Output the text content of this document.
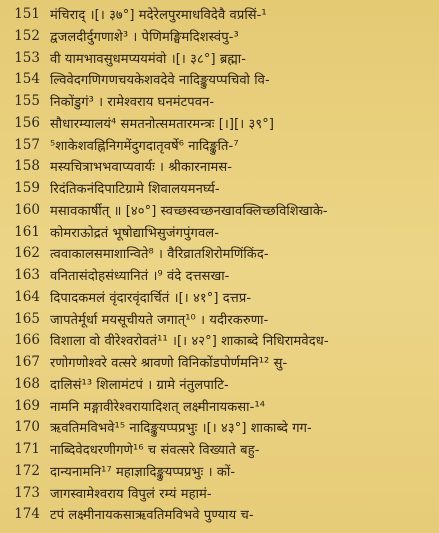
151 मंचिराद् ।[। ३७°] मदेरेलपुरमाधविदेवै वप्रसिं-¹
152 द्वजलदीर्दुगणाशे³ । पेणिमङ्घिमदिशस्वंपु-³
153 वी यामभावसुधमप्ययमंवो ।[। ३८°] ब्रह्मा-
154 ल्विवेदगणिगणचयकेशवदेवे नादिङ्कुयप्पचिवो वि-
155 निकोंडुगं³ । रामेश्वराय घनमंटपवन-
156 सौधारम्यालयं⁴ समतनोत्समतारमन्त्रः [।][। ३९°]
157 ⁵शाकेशवह्निनिगमेंदुगदातृवर्षे⁶ नादिङ्कुति-⁷
158 मस्यचित्राभभवाप्यवार्यः । श्रीकारनामस-
159 रिदंतिकनंदिपाटिग्रामे शिवालयमनर्घ्य-
160 मसावकार्षीत् ॥ [४०°] स्वच्छस्वच्छनखावक्लिच्छविशिखाके-
161 कोमराऊोद्रतं भूषोद्याभिसुजंगपुंगवल-
162 त्ववाकालसमाशान्विते⁸ । वैरिव्रातशिरोमणिंकिंद-
163 वनितासंदोहसंध्यानितं ।⁹ वंदे दत्तसखा-
164 दिपादकमलं वृंदारवृंदार्चितं ।[। ४१°] दत्तप्र-
165 जापतेर्मूर्धा मयसूचीयते जगात्¹⁰ । यदीरकरुणा-
166 विशाला वो वीरेश्वरोवतं¹¹ ।[। ४२°] शाकाब्दे निधिरामवेदध-
167 रणोगणोश्वरे वत्सरे श्रावणो विनिकोंडपोर्णमनि¹² सु-
168 दालिसं¹³ शिलामंटपं । ग्रामे नंतुलपाटि-
169 नामनि मङ्गावीरेश्वरायादिशत् लक्ष्मीनायकसा-¹⁴
170 ऋवतिमविभवे¹⁵ नादिङ्कुयप्पप्रभुः ।[। ४३°] शाकाब्दे गग-
171 नाब्दिवेदधरणीगणे¹⁶ च संवत्सरे विख्याते बहु-
172 दान्यनामनि¹⁷ महाज्ञादिङ्कुयप्पप्रभुः । कों-
173 जागस्वामेश्वराय विपुलं रम्यं महामं-
174 टपं लक्ष्मीनायकसाऋवतिमविभवे पुण्याय च-
